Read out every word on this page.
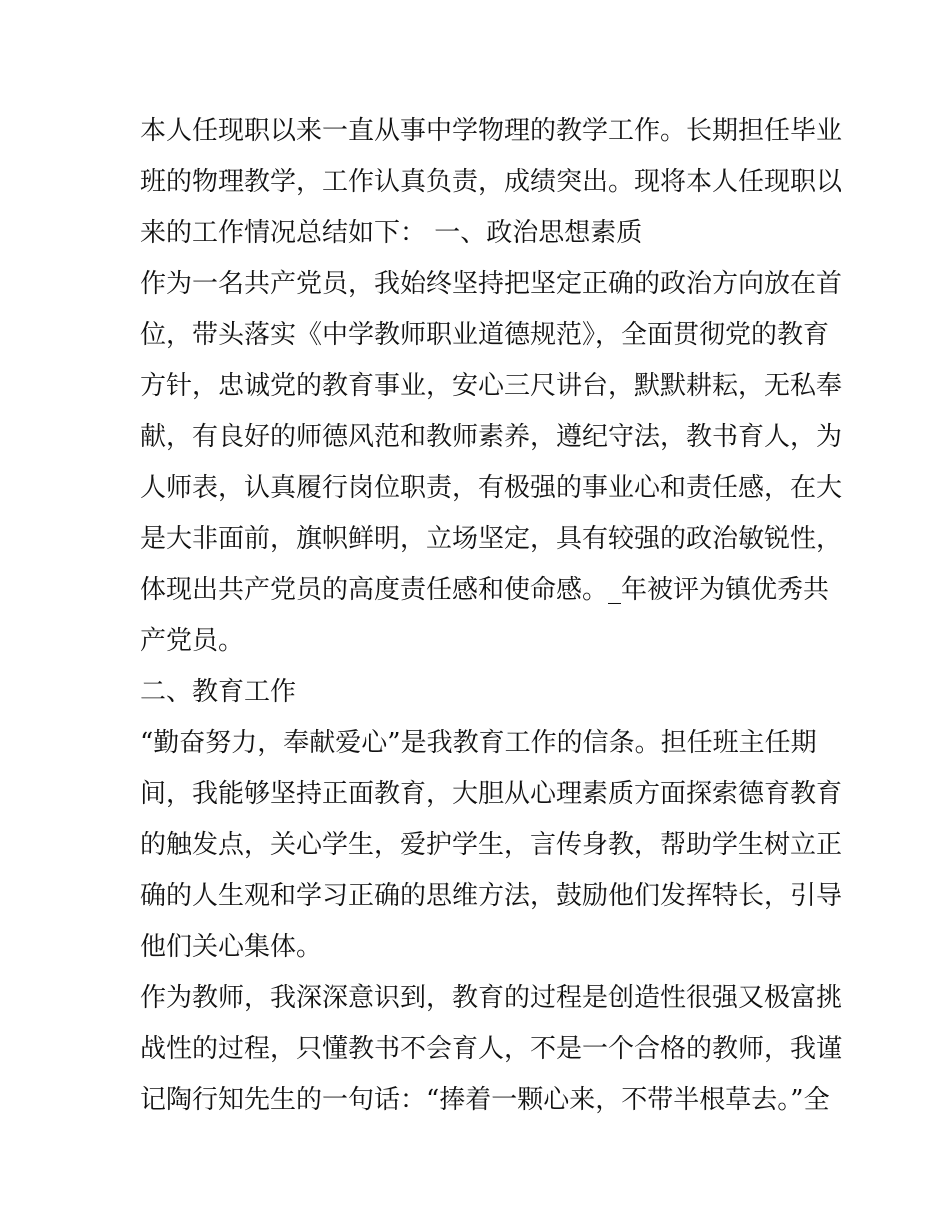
本人任现职以来一直从事中学物理的教学工作。长期担任毕业
班的物理教学，工作认真负责，成绩突出。现将本人任现职以
来的工作情况总结如下： 一、政治思想素质
作为一名共产党员，我始终坚持把坚定正确的政治方向放在首
位，带头落实《中学教师职业道德规范》，全面贯彻党的教育
方针，忠诚党的教育事业，安心三尺讲台，默默耕耘，无私奉
献，有良好的师德风范和教师素养，遵纪守法，教书育人，为
人师表，认真履行岗位职责，有极强的事业心和责任感，在大
是大非面前，旗帜鲜明，立场坚定，具有较强的政治敏锐性，
体现出共产党员的高度责任感和使命感。_年被评为镇优秀共
产党员。
二、教育工作
“勤奋努力，奉献爱心”是我教育工作的信条。担任班主任期
间，我能够坚持正面教育，大胆从心理素质方面探索德育教育
的触发点，关心学生，爱护学生，言传身教，帮助学生树立正
确的人生观和学习正确的思维方法，鼓励他们发挥特长，引导
他们关心集体。
作为教师，我深深意识到，教育的过程是创造性很强又极富挑
战性的过程，只懂教书不会育人，不是一个合格的教师，我谨
记陶行知先生的一句话：“捧着一颗心来，不带半根草去。”全
